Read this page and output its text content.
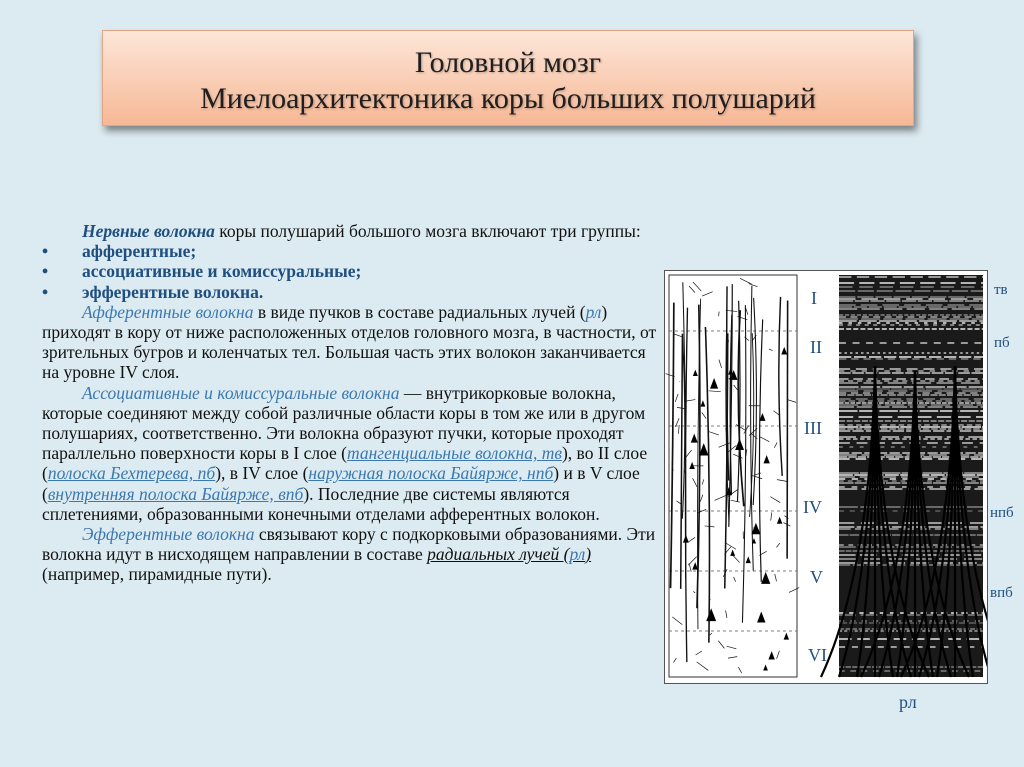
Головной мозг
Миелоархитектоника коры больших полушарий

Нервные волокна коры полушарий большого мозга включают три группы:

• афферентные;

• ассоциативные и комиссуральные;

• эфферентные волокна.

Афферентные волокна в виде пучков в составе радиальных лучей (рл) приходят в кору от ниже расположенных отделов головного мозга, в частности, от зрительных бугров и коленчатых тел. Большая часть этих волокон заканчивается на уровне IV слоя.

Ассоциативные и комиссуральные волокна — внутрикорковые волокна, которые соединяют между собой различные области коры в том же или в другом полушариях, соответственно. Эти волокна образуют пучки, которые проходят параллельно поверхности коры в I слое (тангенциальные волокна, тв), во II слое (полоска Бехтерева, пб), в IV слое (наружная полоска Байярже, нпб) и в V слое (внутренняя полоска Байярже, впб). Последние две системы являются сплетениями, образованными конечными отделами афферентных волокон.

Эфферентные волокна связывают кору с подкорковыми образованиями. Эти волокна идут в нисходящем направлении в составе радиальных лучей (рл) (например, пирамидные пути).

I
II
III
IV
V
VI
тв
пб
нпб
впб
рл
